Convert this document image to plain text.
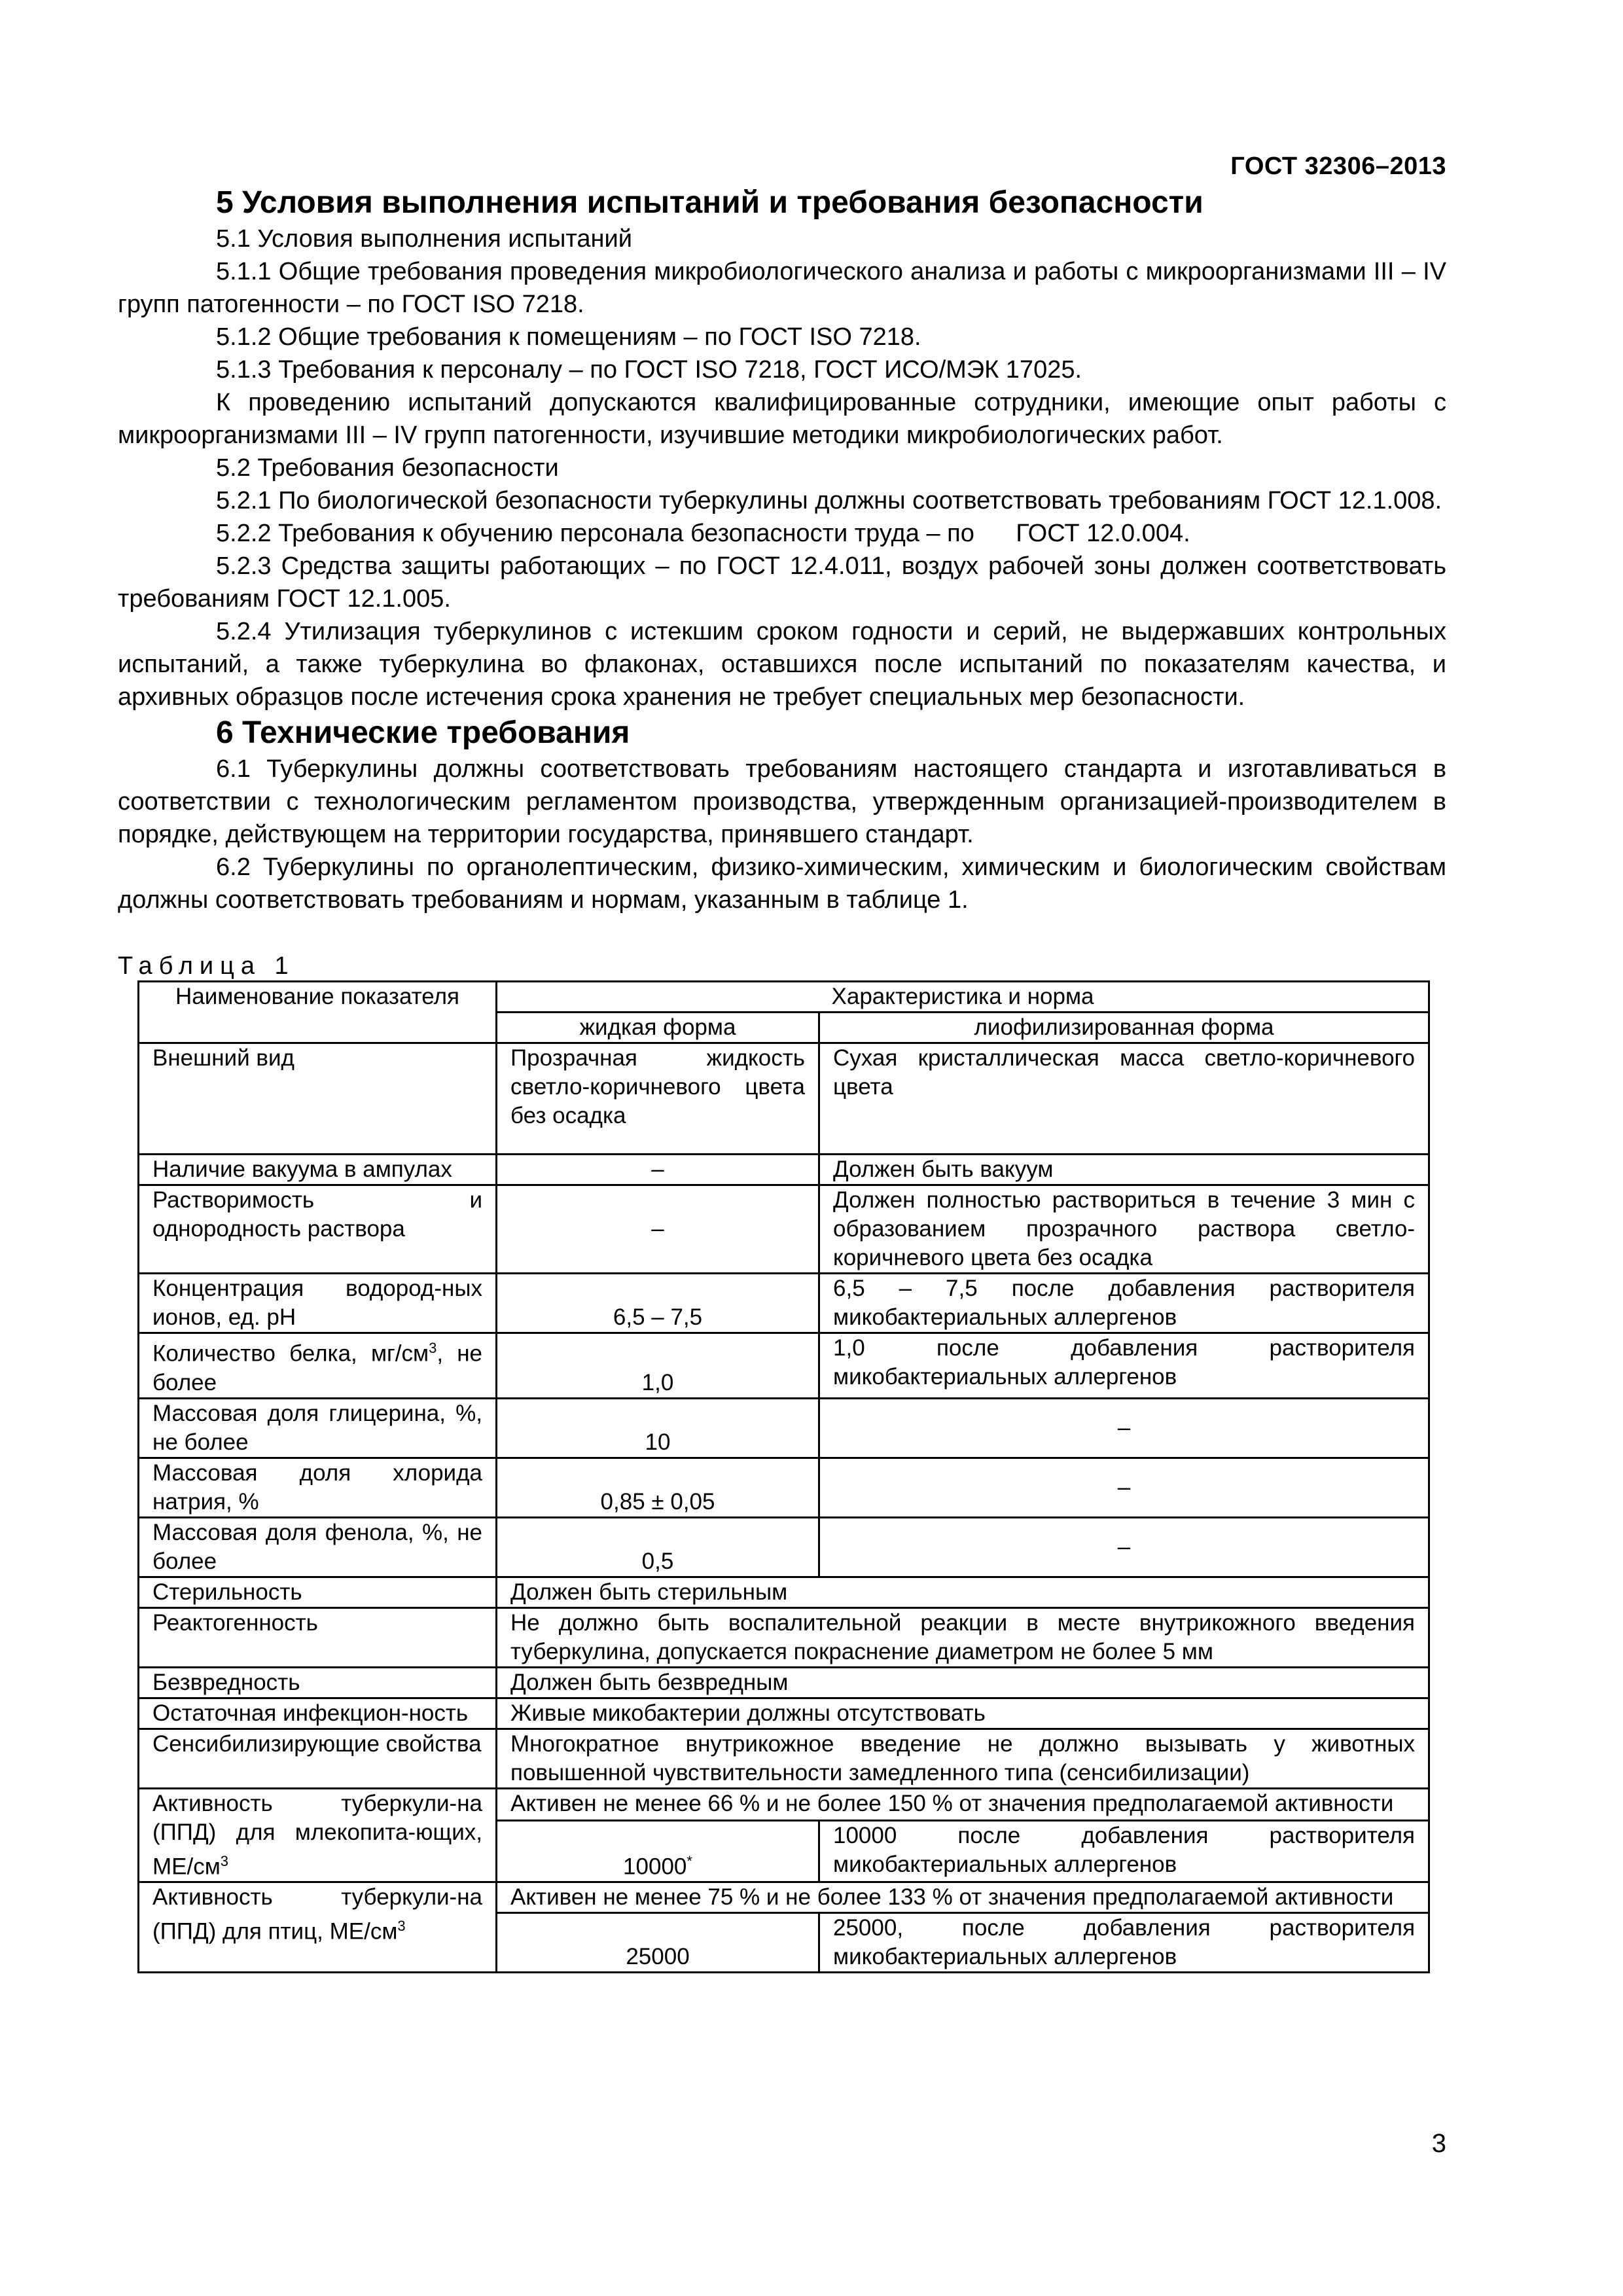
ГОСТ 32306–2013
5 Условия выполнения испытаний и требования безопасности

5.1 Условия выполнения испытаний

5.1.1 Общие требования проведения микробиологического анализа и работы с микроорганизмами III – IV групп патогенности – по ГОСТ ISO 7218.

5.1.2 Общие требования к помещениям – по ГОСТ ISO 7218.

5.1.3 Требования к персоналу – по ГОСТ ISO 7218, ГОСТ ИСО/МЭК 17025.

К проведению испытаний допускаются квалифицированные сотрудники, имеющие опыт работы с микроорганизмами III – IV групп патогенности, изучившие методики микробиологических работ.

5.2 Требования безопасности

5.2.1 По биологической безопасности туберкулины должны соответствовать требованиям ГОСТ 12.1.008.

5.2.2 Требования к обучению персонала безопасности труда – по      ГОСТ 12.0.004.

5.2.3 Средства защиты работающих – по ГОСТ 12.4.011, воздух рабочей зоны должен соответствовать требованиям ГОСТ 12.1.005.

5.2.4 Утилизация туберкулинов с истекшим сроком годности и серий, не выдержавших контрольных испытаний, а также туберкулина во флаконах, оставшихся после испытаний по показателям качества, и архивных образцов после истечения срока хранения не требует специальных мер безопасности.

6 Технические требования

6.1 Туберкулины должны соответствовать требованиям настоящего стандарта и изготавливаться в соответствии с технологическим регламентом производства, утвержденным организацией-производителем в порядке, действующем на территории государства, принявшего стандарт.

6.2 Туберкулины по органолептическим, физико-химическим, химическим и биологическим свойствам должны соответствовать требованиям и нормам, указанным в таблице 1.

Таблица 1
Наименование показателя	Характеристика и норма	
	жидкая форма	лиофилизированная форма
Внешний вид	Прозрачная жидкость светло-коричневого цвета без осадка	Сухая кристаллическая масса светло-коричневого цвета
Наличие вакуума в ампулах	–	Должен быть вакуум
Растворимость и однородность раствора	–	Должен полностью раствориться в течение 3 мин с образованием прозрачного раствора светло-коричневого цвета без осадка
Концентрация водород-ных ионов, ед. pH	6,5 – 7,5	6,5 – 7,5 после добавления растворителя микобактериальных аллергенов
Количество белка, $мг/см^3$, не более	1,0	1,0 после добавления растворителя микобактериальных аллергенов
Массовая доля глицерина, %, не более	10	–
Массовая доля хлорида натрия, %	0,85 ± 0,05	–
Массовая доля фенола, %, не более	0,5	–
Стерильность	Должен быть стерильным	
Реактогенность	Не должно быть воспалительной реакции в месте внутрикожного введения туберкулина, допускается покраснение диаметром не более 5 мм	
Безвредность	Должен быть безвредным	
Остаточная инфекцион-ность	Живые микобактерии должны отсутствовать	
Сенсибилизирующие свойства	Многократное внутрикожное введение не должно вызывать у животных повышенной чувствительности замедленного типа (сенсибилизации)	
Активность туберкули-на (ППД) для млекопита-ющих, $МЕ/см^3$	Активен не менее 66 % и не более 150 % от значения предполагаемой активности	
	10000*	10000 после добавления растворителя микобактериальных аллергенов
Активность туберкули-на (ППД) для птиц, $МЕ/см^3$	Активен не менее 75 % и не более 133 % от значения предполагаемой активности	
	25000	25000, после добавления растворителя микобактериальных аллергенов
3
